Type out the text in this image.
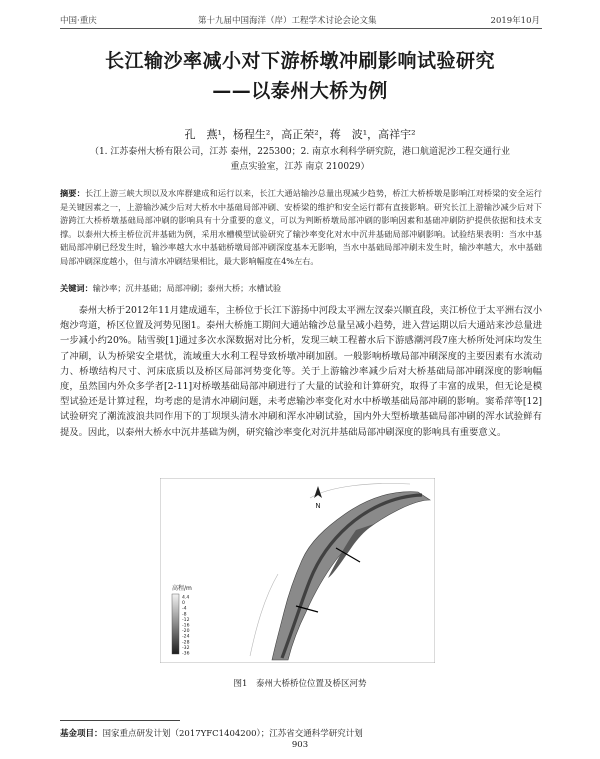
中国·重庆	第十九届中国海洋（岸）工程学术讨论会论文集	2019年10月
长江输沙率减小对下游桥墩冲刷影响试验研究
——以泰州大桥为例
孔　燕¹，杨程生²，高正荣²，蒋　波¹，高祥宇²
（1. 江苏泰州大桥有限公司，江苏 泰州，225300；2. 南京水利科学研究院，港口航道泥沙工程交通行业
重点实验室，江苏 南京 210029）
摘要：长江上游三峡大坝以及水库群建成和运行以来，长江大通站输沙总量出现减少趋势，桥江大桥桥墩是影响江对桥梁的安全运行是关键因素之一，上游输沙减少后对大桥水中基础局部冲刷、安桥梁的维护和安全运行都有直接影响。研究长江上游输沙减少后对下游跨江大桥桥墩基础局部冲刷的影响具有十分重要的意义，可以为判断桥墩局部冲刷的影响因素和基础冲刷防护提供依据和技术支撑。以泰州大桥主桥位沉井基础为例，采用水槽模型试验研究了输沙率变化对水中沉井基础局部冲刷影响。试验结果表明：当水中基础局部冲刷已经发生时，输沙率越大水中基础桥墩局部冲刷深度基本无影响，当水中基础局部冲刷未发生时，输沙率越大，水中基础局部冲刷深度越小，但与清水冲刷结果相比，最大影响幅度在4%左右。
关键词：输沙率；沉井基础；局部冲刷；泰州大桥；水槽试验
泰州大桥于2012年11月建成通车，主桥位于长江下游扬中河段太平洲左汊泰兴顺直段，夹江桥位于太平洲右汊小炮沙弯道，桥区位置及河势见图1。泰州大桥施工期间大通站输沙总量呈减小趋势，进入营运期以后大通站来沙总量进一步减小约20%。陆雪骏[1]通过多次水深数据对比分析，发现三峡工程蓄水后下游感潮河段7座大桥所处河床均发生了冲刷，认为桥梁安全堪忧，流域重大水利工程导致桥墩冲刷加剧。一般影响桥墩局部冲刷深度的主要因素有水流动力、桥墩结构尺寸、河床底质以及桥区局部河势变化等。关于上游输沙率减少后对大桥基础局部冲刷深度的影响幅度，虽然国内外众多学者[2-11]对桥墩基础局部冲刷进行了大量的试验和计算研究，取得了丰富的成果，但无论是模型试验还是计算过程，均考虑的是清水冲刷问题，未考虑输沙率变化对水中桥墩基础局部冲刷的影响。窦希萍等[12]试验研究了潮流波浪共同作用下的丁坝坝头清水冲刷和浑水冲刷试验，国内外大型桥墩基础局部冲刷的浑水试验鲜有提及。因此，以泰州大桥水中沉井基础为例，研究输沙率变化对沉井基础局部冲刷深度的影响具有重要意义。
N
高程/m
4.4
0
-4
-8
-12
-16
-20
-24
-28
-32
-36
图1　泰州大桥桥位位置及桥区河势
基金项目：国家重点研发计划（2017YFC1404200）；江苏省交通科学研究计划
903
